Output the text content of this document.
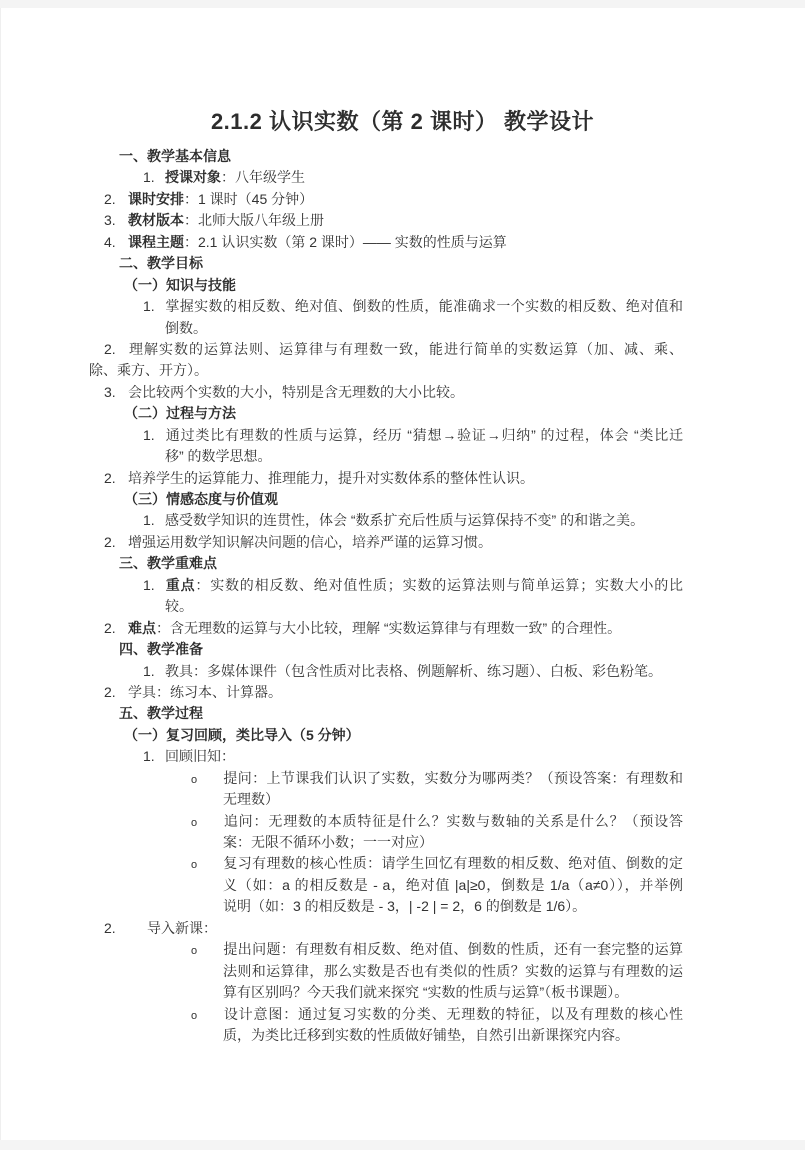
2.1.2 认识实数（第 2 课时） 教学设计
一、教学基本信息
1. 授课对象：八年级学生
2. 课时安排：1 课时（45 分钟）
3. 教材版本：北师大版八年级上册
4. 课程主题：2.1 认识实数（第 2 课时）—— 实数的性质与运算
二、教学目标
（一）知识与技能
1. 掌握实数的相反数、绝对值、倒数的性质，能准确求一个实数的相反数、绝对值和
倒数。
2. 理解实数的运算法则、运算律与有理数一致，能进行简单的实数运算（加、减、乘、
除、乘方、开方）。
3. 会比较两个实数的大小，特别是含无理数的大小比较。
（二）过程与方法
1. 通过类比有理数的性质与运算，经历 “猜想→验证→归纳” 的过程，体会 “类比迁
移” 的数学思想。
2. 培养学生的运算能力、推理能力，提升对实数体系的整体性认识。
（三）情感态度与价值观
1. 感受数学知识的连贯性，体会 “数系扩充后性质与运算保持不变” 的和谐之美。
2. 增强运用数学知识解决问题的信心，培养严谨的运算习惯。
三、教学重难点
1. 重点：实数的相反数、绝对值性质；实数的运算法则与简单运算；实数大小的比
较。
2. 难点：含无理数的运算与大小比较，理解 “实数运算律与有理数一致” 的合理性。
四、教学准备
1. 教具：多媒体课件（包含性质对比表格、例题解析、练习题）、白板、彩色粉笔。
2. 学具：练习本、计算器。
五、教学过程
（一）复习回顾，类比导入（5 分钟）
1. 回顾旧知：
o 提问：上节课我们认识了实数，实数分为哪两类？（预设答案：有理数和
无理数）
o 追问：无理数的本质特征是什么？实数与数轴的关系是什么？（预设答
案：无限不循环小数；一一对应）
o 复习有理数的核心性质：请学生回忆有理数的相反数、绝对值、倒数的定
义（如：a 的相反数是 - a，绝对值 |a|≥0，倒数是 1/a（a≠0）），并举例
说明（如：3 的相反数是 - 3，| -2 | = 2，6 的倒数是 1/6）。
2. 导入新课：
o 提出问题：有理数有相反数、绝对值、倒数的性质，还有一套完整的运算
法则和运算律，那么实数是否也有类似的性质？实数的运算与有理数的运
算有区别吗？今天我们就来探究 “实数的性质与运算”（板书课题）。
o 设计意图：通过复习实数的分类、无理数的特征，以及有理数的核心性
质，为类比迁移到实数的性质做好铺垫，自然引出新课探究内容。
